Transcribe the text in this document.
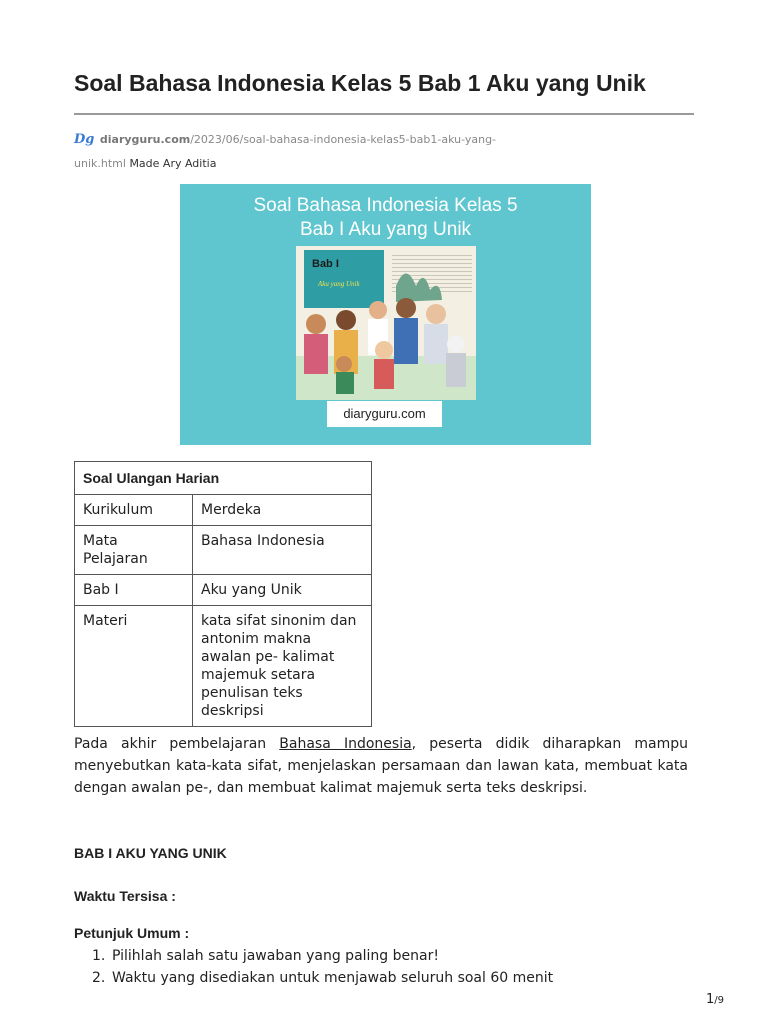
Soal Bahasa Indonesia Kelas 5 Bab 1 Aku yang Unik
Dg diaryguru.com/2023/06/soal-bahasa-indonesia-kelas5-bab1-aku-yang-unik.html Made Ary Aditia
Soal Bahasa Indonesia Kelas 5
Bab I Aku yang Unik
Bab I
Aku yang Unik
diaryguru.com
Soal Ulangan Harian	
Kurikulum	Merdeka
Mata Pelajaran	Bahasa Indonesia
Bab I	Aku yang Unik
Materi	kata sifat sinonim dan antonim makna awalan pe- kalimat majemuk setara penulisan teks deskripsi

Pada akhir pembelajaran Bahasa Indonesia, peserta didik diharapkan mampu menyebutkan kata-kata sifat, menjelaskan persamaan dan lawan kata, membuat kata dengan awalan pe-, dan membuat kalimat majemuk serta teks deskripsi.

BAB I AKU YANG UNIK
Waktu Tersisa :
Petunjuk Umum :
1. Pilihlah salah satu jawaban yang paling benar!
2. Waktu yang disediakan untuk menjawab seluruh soal 60 menit
1/9
